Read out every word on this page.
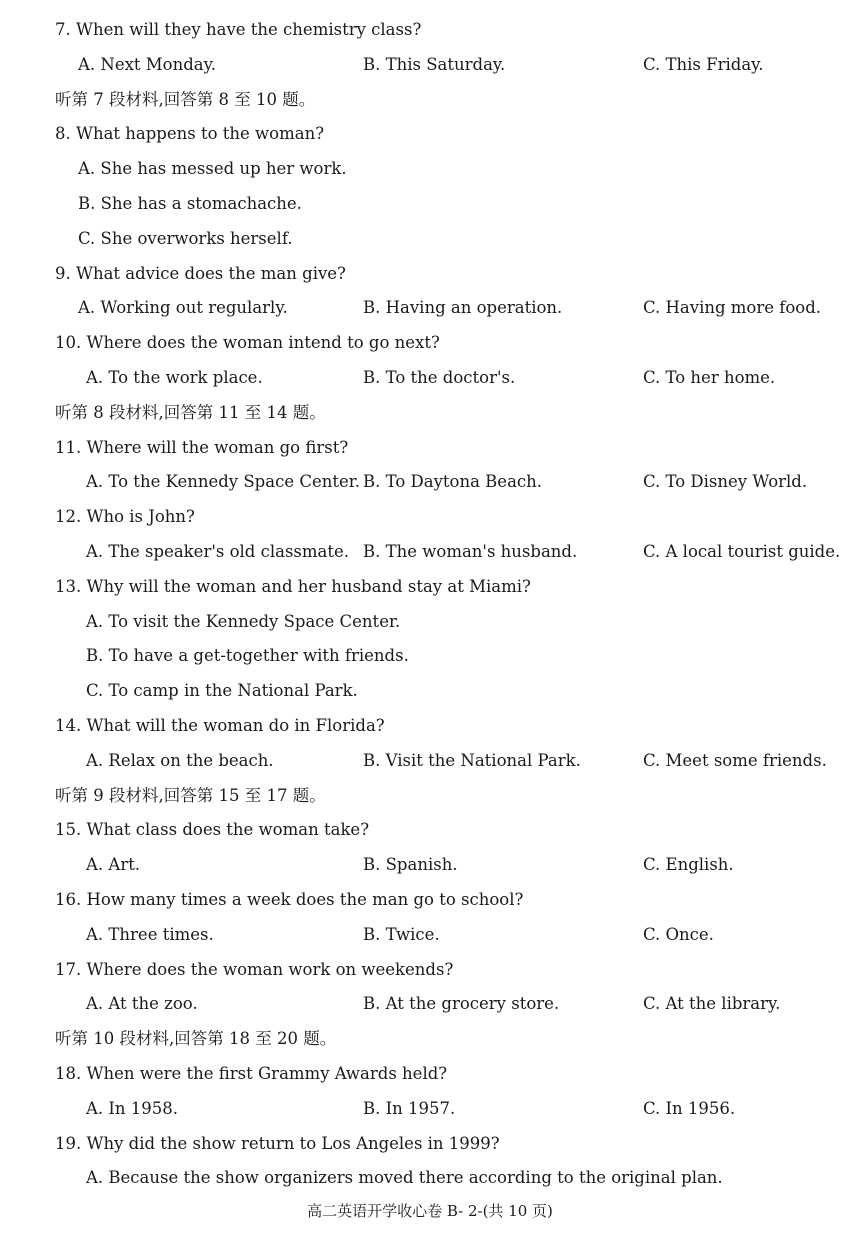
7. When will they have the chemistry class?
A. Next Monday.	B. This Saturday.	C. This Friday.
听第 7 段材料,回答第 8 至 10 题。
8. What happens to the woman?
A. She has messed up her work.
B. She has a stomachache.
C. She overworks herself.
9. What advice does the man give?
A. Working out regularly.	B. Having an operation.	C. Having more food.
10. Where does the woman intend to go next?
A. To the work place.	B. To the doctor's.	C. To her home.
听第 8 段材料,回答第 11 至 14 题。
11. Where will the woman go first?
A. To the Kennedy Space Center. B. To Daytona Beach.	C. To Disney World.
12. Who is John?
A. The speaker's old classmate. B. The woman's husband.	C. A local tourist guide.
13. Why will the woman and her husband stay at Miami?
A. To visit the Kennedy Space Center.
B. To have a get-together with friends.
C. To camp in the National Park.
14. What will the woman do in Florida?
A. Relax on the beach.	B. Visit the National Park.	C. Meet some friends.
听第 9 段材料,回答第 15 至 17 题。
15. What class does the woman take?
A. Art.	B. Spanish.	C. English.
16. How many times a week does the man go to school?
A. Three times.	B. Twice.	C. Once.
17. Where does the woman work on weekends?
A. At the zoo.	B. At the grocery store.	C. At the library.
听第 10 段材料,回答第 18 至 20 题。
18. When were the first Grammy Awards held?
A. In 1958.	B. In 1957.	C. In 1956.
19. Why did the show return to Los Angeles in 1999?
A. Because the show organizers moved there according to the original plan.
高二英语开学收心卷 B- 2-(共 10 页)
